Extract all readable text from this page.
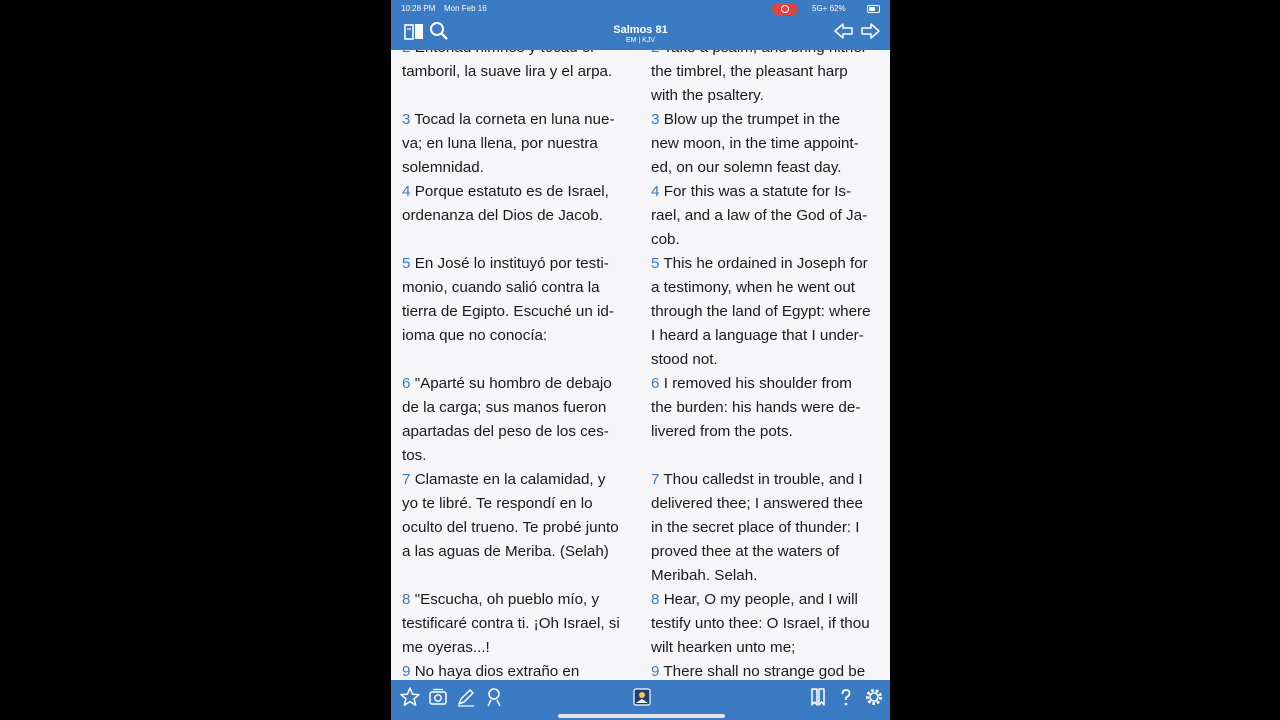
10:28 PM Mon Feb 16	5G+ 62%
Salmos 81
EM | KJV

tamboril, la suave lira y el arpa.

3 Tocad la corneta en luna nue-
va; en luna llena, por nuestra
solemnidad.

4 Porque estatuto es de Israel,
ordenanza del Dios de Jacob.

5 En José lo instituyó por testi-
monio, cuando salió contra la
tierra de Egipto. Escuché un id-
ioma que no conocía:

6 "Aparté su hombro de debajo
de la carga; sus manos fueron
apartadas del peso de los ces-
tos.

7 Clamaste en la calamidad, y
yo te libré. Te respondí en lo
oculto del trueno. Te probé junto
a las aguas de Meriba. (Selah)

8 "Escucha, oh pueblo mío, y
testificaré contra ti. ¡Oh Israel, si
me oyeras...!

9 No haya dios extraño en

the timbrel, the pleasant harp
with the psaltery.

3 Blow up the trumpet in the
new moon, in the time appoint-
ed, on our solemn feast day.

4 For this was a statute for Is-
rael, and a law of the God of Ja-
cob.

5 This he ordained in Joseph for
a testimony, when he went out
through the land of Egypt: where
I heard a language that I under-
stood not.

6 I removed his shoulder from
the burden: his hands were de-
livered from the pots.

7 Thou calledst in trouble, and I
delivered thee; I answered thee
in the secret place of thunder: I
proved thee at the waters of
Meribah. Selah.

8 Hear, O my people, and I will
testify unto thee: O Israel, if thou
wilt hearken unto me;

9 There shall no strange god be
